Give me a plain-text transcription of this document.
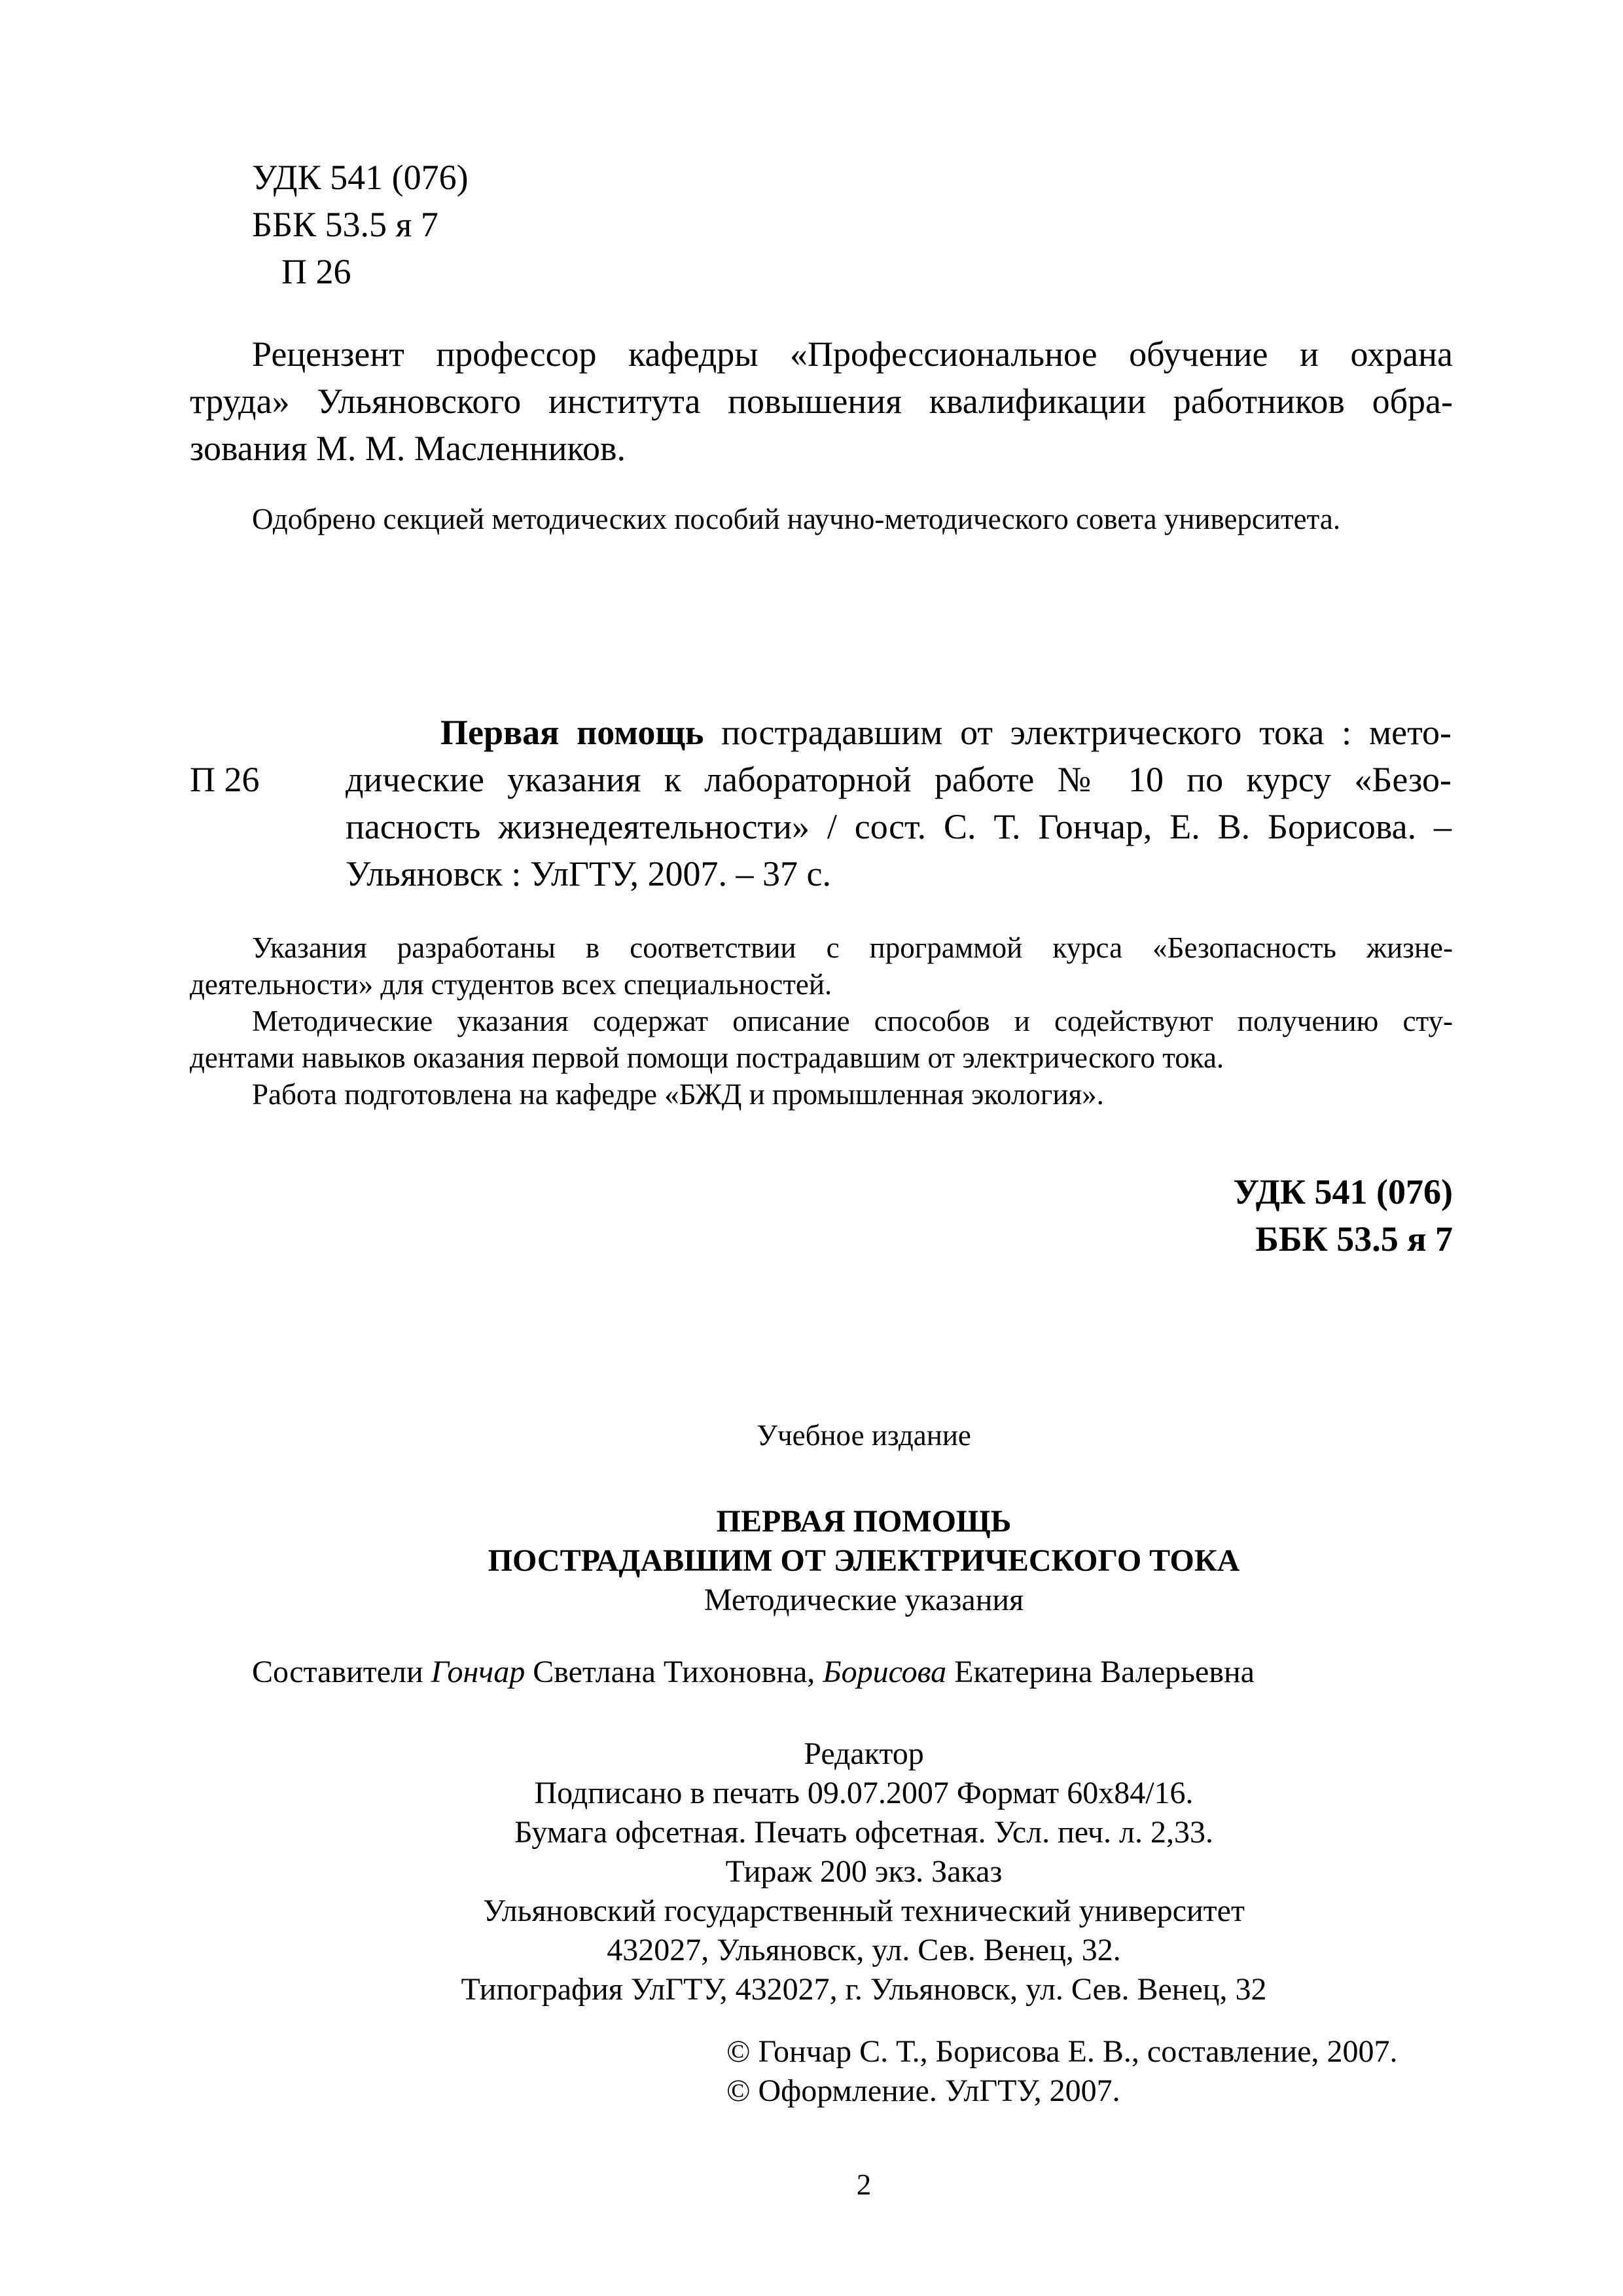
УДК 541 (076)
ББК 53.5 я 7
П 26
Рецензент профессор кафедры «Профессиональное обучение и охрана
труда» Ульяновского института повышения квалификации работников обра-
зования М. М. Масленников.
Одобрено секцией методических пособий научно-методического совета университета.
П 26
Первая помощь пострадавшим от электрического тока : мето-
дические указания к лабораторной работе № 10 по курсу «Безо-
пасность жизнедеятельности» / сост. С. Т. Гончар, Е. В. Борисова. –
Ульяновск : УлГТУ, 2007. – 37 с.
Указания разработаны в соответствии с программой курса «Безопасность жизне-
деятельности» для студентов всех специальностей.
Методические указания содержат описание способов и содействуют получению сту-
дентами навыков оказания первой помощи пострадавшим от электрического тока.
Работа подготовлена на кафедре «БЖД и промышленная экология».
УДК 541 (076)
ББК 53.5 я 7
Учебное издание
ПЕРВАЯ ПОМОЩЬ
ПОСТРАДАВШИМ ОТ ЭЛЕКТРИЧЕСКОГО ТОКА
Методические указания
Составители Гончар Светлана Тихоновна, Борисова Екатерина Валерьевна
Редактор
Подписано в печать 09.07.2007 Формат 60х84/16.
Бумага офсетная. Печать офсетная. Усл. печ. л. 2,33.
Тираж 200 экз. Заказ
Ульяновский государственный технический университет
432027, Ульяновск, ул. Сев. Венец, 32.
Типография УлГТУ, 432027, г. Ульяновск, ул. Сев. Венец, 32
© Гончар С. Т., Борисова Е. В., составление, 2007.
© Оформление. УлГТУ, 2007.
2
